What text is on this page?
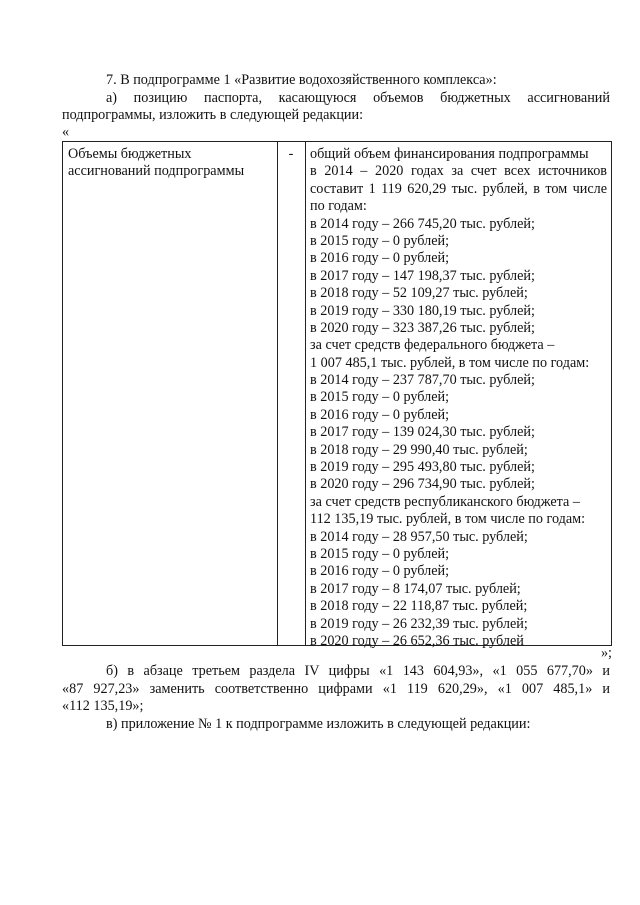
7. В подпрограмме 1 «Развитие водохозяйственного комплекса»:

а) позицию паспорта, касающуюся объемов бюджетных ассигнований

подпрограммы, изложить в следующей редакции:

«

Объемы бюджетных ассигнований подпрограммы
-	общий объем финансирования подпрограммы
в 2014 – 2020 годах за счет всех источников
составит 1 119 620,29 тыс. рублей, в том числе
по годам:
в 2014 году – 266 745,20 тыс. рублей;
в 2015 году – 0 рублей;
в 2016 году – 0 рублей;
в 2017 году – 147 198,37 тыс. рублей;
в 2018 году – 52 109,27 тыс. рублей;
в 2019 году – 330 180,19 тыс. рублей;
в 2020 году – 323 387,26 тыс. рублей;
за счет средств федерального бюджета –
1 007 485,1 тыс. рублей, в том числе по годам:
в 2014 году – 237 787,70 тыс. рублей;
в 2015 году – 0 рублей;
в 2016 году – 0 рублей;
в 2017 году – 139 024,30 тыс. рублей;
в 2018 году – 29 990,40 тыс. рублей;
в 2019 году – 295 493,80 тыс. рублей;
в 2020 году – 296 734,90 тыс. рублей;
за счет средств республиканского бюджета –
112 135,19 тыс. рублей, в том числе по годам:
в 2014 году – 28 957,50 тыс. рублей;
в 2015 году – 0 рублей;
в 2016 году – 0 рублей;
в 2017 году – 8 174,07 тыс. рублей;
в 2018 году – 22 118,87 тыс. рублей;
в 2019 году – 26 232,39 тыс. рублей;
в 2020 году – 26 652,36 тыс. рублей

»;

б) в абзаце третьем раздела IV цифры «1 143 604,93», «1 055 677,70» и

«87 927,23» заменить соответственно цифрами «1 119 620,29», «1 007 485,1» и

«112 135,19»;

в) приложение № 1 к подпрограмме изложить в следующей редакции:
